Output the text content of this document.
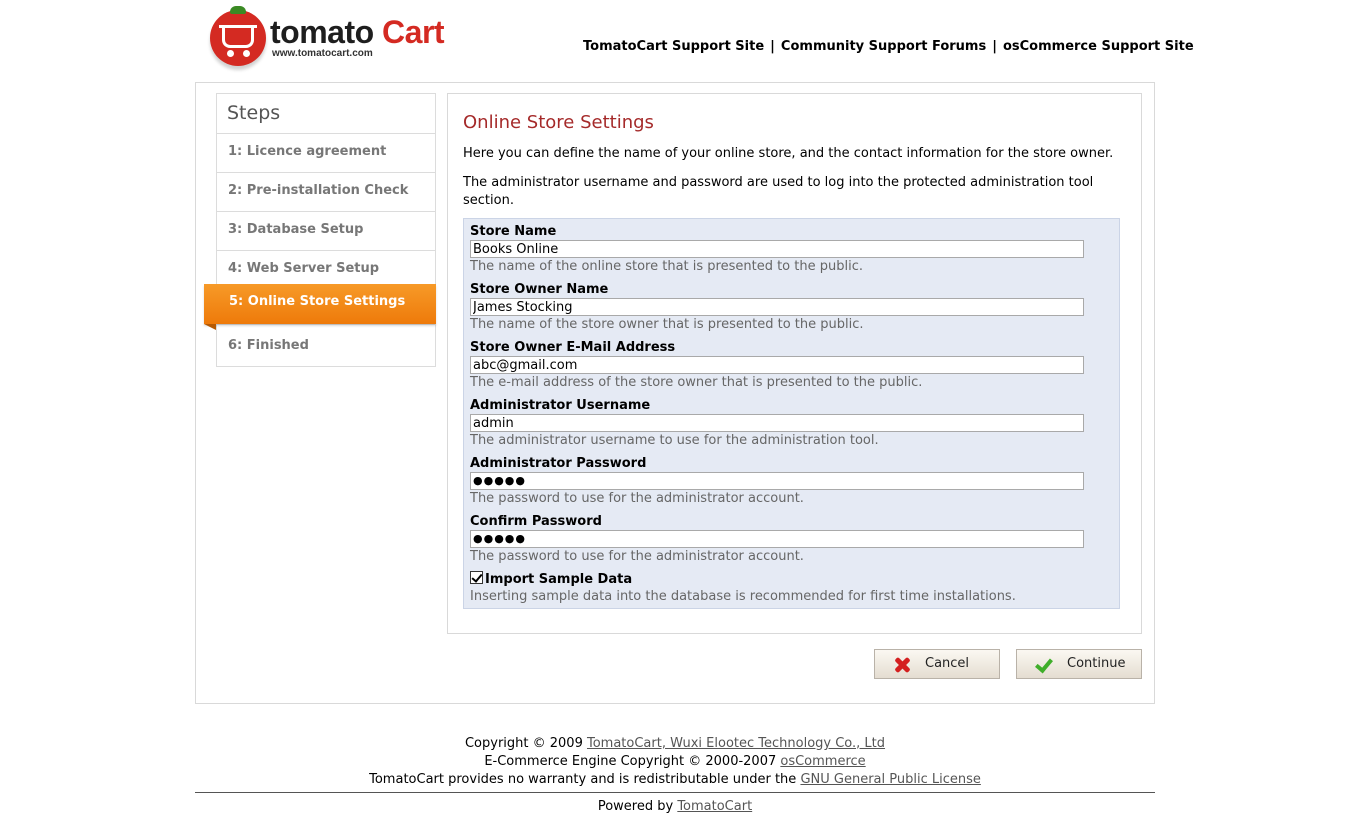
tomato Cart
www.tomatocart.com	TomatoCart Support Site | Community Support Forums | osCommerce Support Site
Steps
1: Licence agreement
2: Pre-installation Check
3: Database Setup
4: Web Server Setup
5: Online Store Settings
6: Finished
Online Store Settings
Here you can define the name of your online store, and the contact information for the store owner.
The administrator username and password are used to log into the protected administration tool section.
Store Name
Books Online
The name of the online store that is presented to the public.
Store Owner Name
James Stocking
The name of the store owner that is presented to the public.
Store Owner E-Mail Address
abc@gmail.com
The e-mail address of the store owner that is presented to the public.
Administrator Username
admin
The administrator username to use for the administration tool.
Administrator Password
●●●●●
The password to use for the administrator account.
Confirm Password
●●●●●
The password to use for the administrator account.
Import Sample Data
Inserting sample data into the database is recommended for first time installations.
Cancel	Continue
Copyright © 2009 TomatoCart, Wuxi Elootec Technology Co., Ltd
E-Commerce Engine Copyright © 2000-2007 osCommerce
TomatoCart provides no warranty and is redistributable under the GNU General Public License
Powered by TomatoCart
